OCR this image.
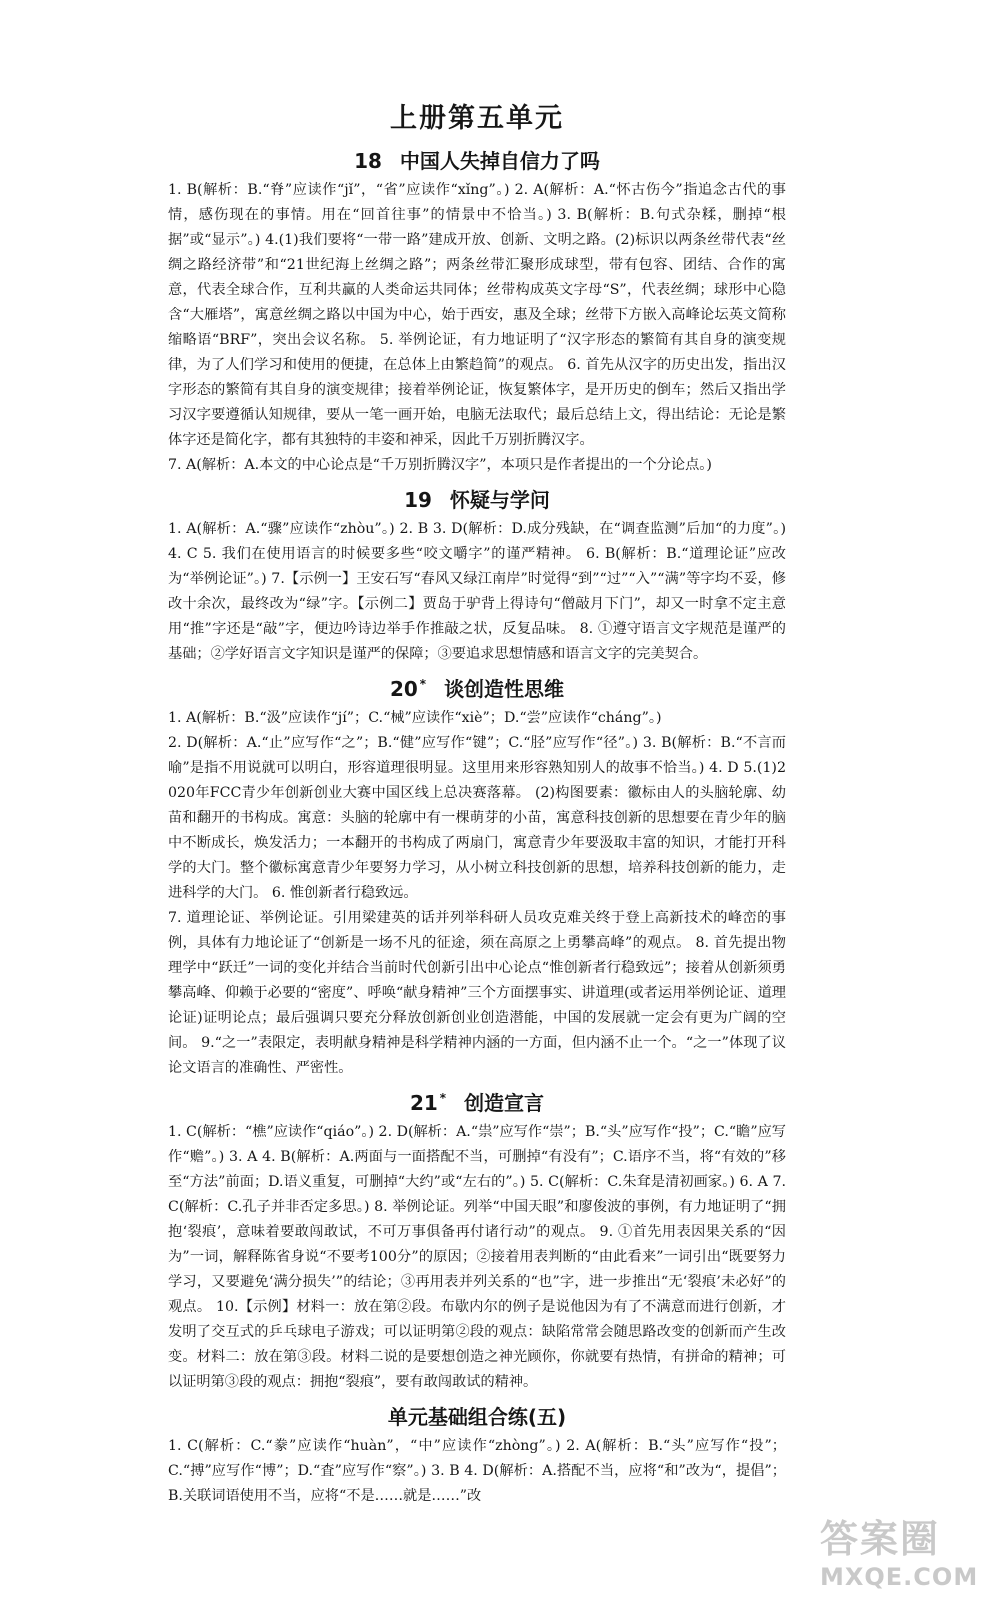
上册第五单元
18 中国人失掉自信力了吗

1. B(解析：B.“脊”应读作“jǐ”，“省”应读作“xǐng”。) 2. A(解析：A.“怀古伤今”指追念古代的事情，感伤现在的事情。用在“回首往事”的情景中不恰当。) 3. B(解析：B.句式杂糅，删掉“根据”或“显示”。) 4.(1)我们要将“一带一路”建成开放、创新、文明之路。(2)标识以两条丝带代表“丝绸之路经济带”和“21世纪海上丝绸之路”；两条丝带汇聚形成球型，带有包容、团结、合作的寓意，代表全球合作，互利共赢的人类命运共同体；丝带构成英文字母“S”，代表丝绸；球形中心隐含“大雁塔”，寓意丝绸之路以中国为中心，始于西安，惠及全球；丝带下方嵌入高峰论坛英文简称缩略语“BRF”，突出会议名称。 5. 举例论证，有力地证明了“汉字形态的繁简有其自身的演变规律，为了人们学习和使用的便捷，在总体上由繁趋简”的观点。 6. 首先从汉字的历史出发，指出汉字形态的繁简有其自身的演变规律；接着举例论证，恢复繁体字，是开历史的倒车；然后又指出学习汉字要遵循认知规律，要从一笔一画开始，电脑无法取代；最后总结上文，得出结论：无论是繁体字还是简化字，都有其独特的丰姿和神采，因此千万别折腾汉字。

7. A(解析：A.本文的中心论点是“千万别折腾汉字”，本项只是作者提出的一个分论点。)

19 怀疑与学问

1. A(解析：A.“骤”应读作“zhòu”。) 2. B 3. D(解析：D.成分残缺，在“调查监测”后加“的力度”。) 4. C 5. 我们在使用语言的时候要多些“咬文嚼字”的谨严精神。 6. B(解析：B.“道理论证”应改为“举例论证”。) 7.【示例一】王安石写“春风又绿江南岸”时觉得“到”“过”“入”“满”等字均不妥，修改十余次，最终改为“绿”字。【示例二】贾岛于驴背上得诗句“僧敲月下门”，却又一时拿不定主意用“推”字还是“敲”字，便边吟诗边举手作推敲之状，反复品味。 8. ①遵守语言文字规范是谨严的基础；②学好语言文字知识是谨严的保障；③要追求思想情感和语言文字的完美契合。

20 * 谈创造性思维

1. A(解析：B.“汲”应读作“jí”；C.“械”应读作“xiè”；D.“尝”应读作“cháng”。)

2. D(解析：A.“止”应写作“之”；B.“健”应写作“键”；C.“胫”应写作“径”。) 3. B(解析：B.“不言而喻”是指不用说就可以明白，形容道理很明显。这里用来形容熟知别人的故事不恰当。) 4. D 5.(1)2020年FCC青少年创新创业大赛中国区线上总决赛落幕。 (2)构图要素：徽标由人的头脑轮廓、幼苗和翻开的书构成。寓意：头脑的轮廓中有一棵萌芽的小苗，寓意科技创新的思想要在青少年的脑中不断成长，焕发活力；一本翻开的书构成了两扇门，寓意青少年要汲取丰富的知识，才能打开科学的大门。整个徽标寓意青少年要努力学习，从小树立科技创新的思想，培养科技创新的能力，走进科学的大门。 6. 惟创新者行稳致远。

7. 道理论证、举例论证。引用梁建英的话并列举科研人员攻克难关终于登上高新技术的峰峦的事例，具体有力地论证了“创新是一场不凡的征途，须在高原之上勇攀高峰”的观点。 8. 首先提出物理学中“跃迁”一词的变化并结合当前时代创新引出中心论点“惟创新者行稳致远”；接着从创新须勇攀高峰、仰赖于必要的“密度”、呼唤“献身精神”三个方面摆事实、讲道理(或者运用举例论证、道理论证)证明论点；最后强调只要充分释放创新创业创造潜能，中国的发展就一定会有更为广阔的空间。 9.“之一”表限定，表明献身精神是科学精神内涵的一方面，但内涵不止一个。“之一”体现了议论文语言的准确性、严密性。

21 * 创造宣言

1. C(解析：“樵”应读作“qiáo”。) 2. D(解析：A.“祟”应写作“崇”；B.“头”应写作“投”；C.“瞻”应写作“赡”。) 3. A 4. B(解析：A.两面与一面搭配不当，可删掉“有没有”；C.语序不当，将“有效的”移至“方法”前面；D.语义重复，可删掉“大约”或“左右的”。) 5. C(解析：C.朱耷是清初画家。) 6. A 7. C(解析：C.孔子并非否定多思。) 8. 举例论证。列举“中国天眼”和廖俊波的事例，有力地证明了“拥抱‘裂痕’，意味着要敢闯敢试，不可万事俱备再付诸行动”的观点。 9. ①首先用表因果关系的“因为”一词，解释陈省身说“不要考100分”的原因；②接着用表判断的“由此看来”一词引出“既要努力学习，又要避免‘满分损失’”的结论；③再用表并列关系的“也”字，进一步推出“无‘裂痕’未必好”的观点。 10.【示例】材料一：放在第②段。布歇内尔的例子是说他因为有了不满意而进行创新，才发明了交互式的乒乓球电子游戏；可以证明第②段的观点：缺陷常常会随思路改变的创新而产生改变。材料二：放在第③段。材料二说的是要想创造之神光顾你，你就要有热情，有拼命的精神；可以证明第③段的观点：拥抱“裂痕”，要有敢闯敢试的精神。

单元基础组合练(五)

1. C(解析：C.“豢”应读作“huàn”，“中”应读作“zhòng”。) 2. A(解析：B.“头”应写作“投”；C.“搏”应写作“博”；D.“査”应写作“察”。) 3. B 4. D(解析：A.搭配不当，应将“和”改为“，提倡”；B.关联词语使用不当，应将“不是……就是……”改

答案圈
MXQE.COM
